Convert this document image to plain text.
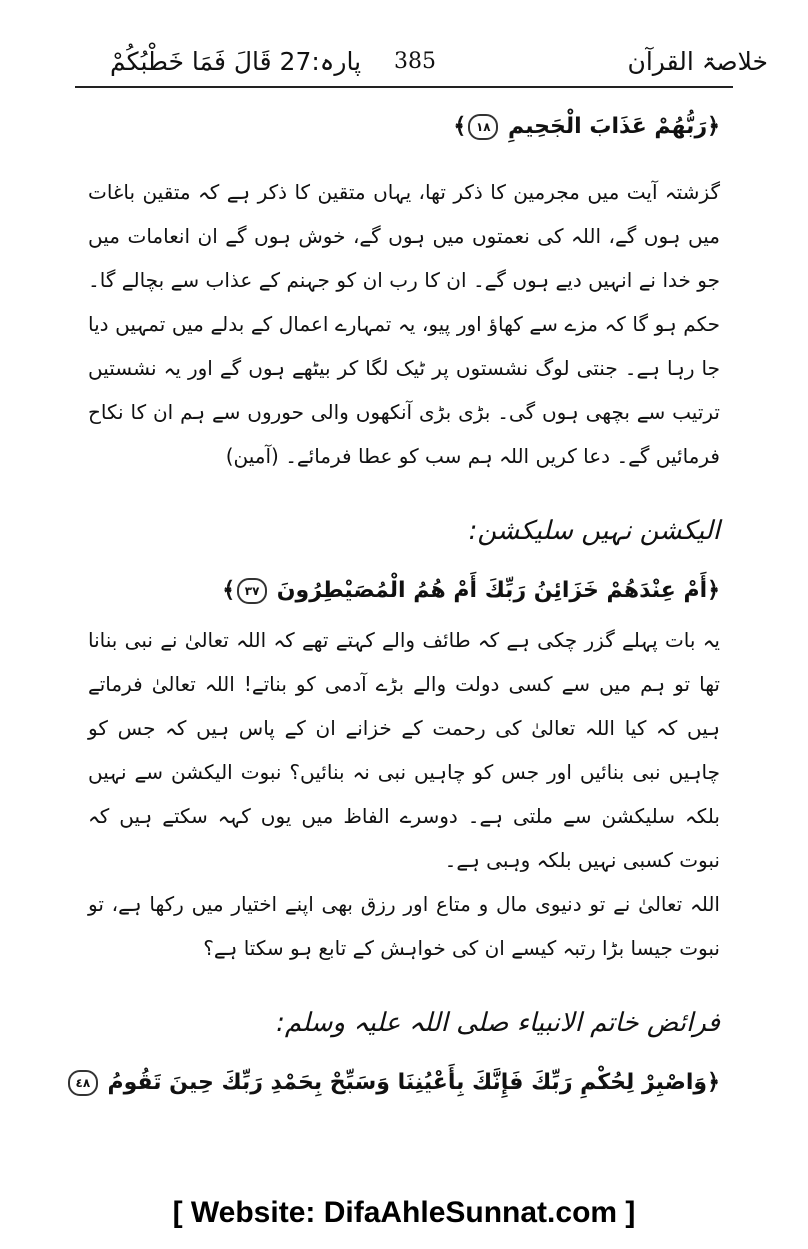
خلاصۃ القرآن
385
پارہ:27 قَالَ فَمَا خَطْبُكُمْ
﴿رَبُّهُمْ عَذَابَ الْجَحِيمِ ١٨﴾

گزشتہ آیت میں مجرمین کا ذکر تھا، یہاں متقین کا ذکر ہے کہ متقین باغات میں ہوں گے، اللہ کی نعمتوں میں ہوں گے، خوش ہوں گے ان انعامات میں جو خدا نے انہیں دیے ہوں گے۔ ان کا رب ان کو جہنم کے عذاب سے بچالے گا۔ حکم ہو گا کہ مزے سے کھاؤ اور پیو، یہ تمہارے اعمال کے بدلے میں تمہیں دیا جا رہا ہے۔ جنتی لوگ نشستوں پر ٹیک لگا کر بیٹھے ہوں گے اور یہ نشستیں ترتیب سے بچھی ہوں گی۔ بڑی بڑی آنکھوں والی حوروں سے ہم ان کا نکاح فرمائیں گے۔ دعا کریں اللہ ہم سب کو عطا فرمائے۔ (آمین)

الیکشن نہیں سلیکشن:
﴿أَمْ عِنْدَهُمْ خَزَائِنُ رَبِّكَ أَمْ هُمُ الْمُصَيْطِرُونَ ٣٧﴾

یہ بات پہلے گزر چکی ہے کہ طائف والے کہتے تھے کہ اللہ تعالیٰ نے نبی بنانا تھا تو ہم میں سے کسی دولت والے بڑے آدمی کو بناتے! اللہ تعالیٰ فرماتے ہیں کہ کیا اللہ تعالیٰ کی رحمت کے خزانے ان کے پاس ہیں کہ جس کو چاہیں نبی بنائیں اور جس کو چاہیں نبی نہ بنائیں؟ نبوت الیکشن سے نہیں بلکہ سلیکشن سے ملتی ہے۔ دوسرے الفاظ میں یوں کہہ سکتے ہیں کہ نبوت کسبی نہیں بلکہ وہبی ہے۔

اللہ تعالیٰ نے تو دنیوی مال و متاع اور رزق بھی اپنے اختیار میں رکھا ہے، تو نبوت جیسا بڑا رتبہ کیسے ان کی خواہش کے تابع ہو سکتا ہے؟

فرائض خاتم الانبیاء صلی اللہ علیہ وسلم:
﴿وَاصْبِرْ لِحُكْمِ رَبِّكَ فَإِنَّكَ بِأَعْيُنِنَا وَسَبِّحْ بِحَمْدِ رَبِّكَ حِينَ تَقُومُ ٤٨
[ Website: DifaAhleSunnat.com ]
